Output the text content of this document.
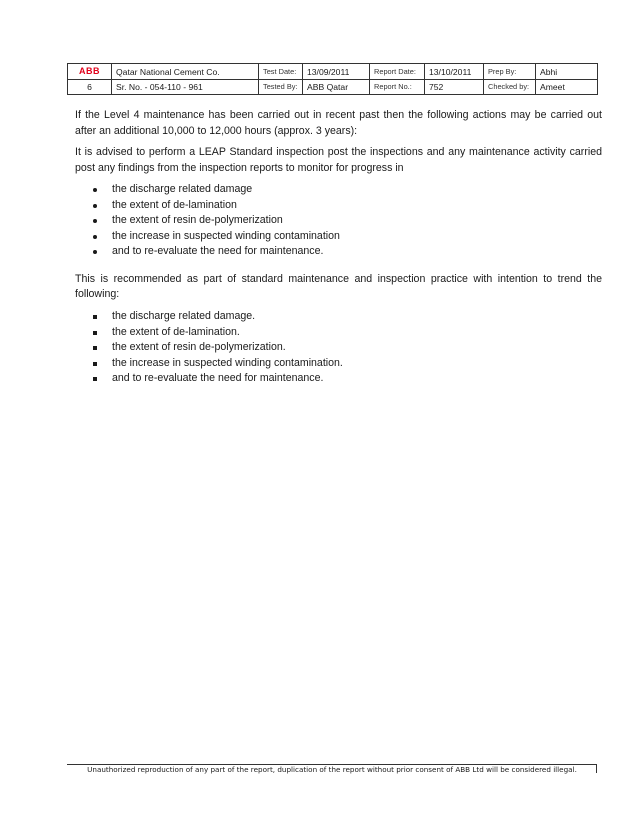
ABB	Qatar National Cement Co.	Test Date:	13/09/2011	Report Date:	13/10/2011	Prep By:	Abhi
6	Sr. No. - 054-110 - 961	Tested By:	ABB Qatar	Report No.:	752	Checked by:	Ameet

If the Level 4 maintenance has been carried out in recent past then the following actions may be carried out after an additional 10,000 to 12,000 hours (approx. 3 years):

It is advised to perform a LEAP Standard inspection post the inspections and any maintenance activity carried post any findings from the inspection reports to monitor for progress in

the discharge related damage
the extent of de-lamination
the extent of resin de-polymerization
the increase in suspected winding contamination
and to re-evaluate the need for maintenance.

This is recommended as part of standard maintenance and inspection practice with intention to trend the following:

the discharge related damage.
the extent of de-lamination.
the extent of resin de-polymerization.
the increase in suspected winding contamination.
and to re-evaluate the need for maintenance.
Unauthorized reproduction of any part of the report, duplication of the report without prior consent of ABB Ltd will be considered illegal.
